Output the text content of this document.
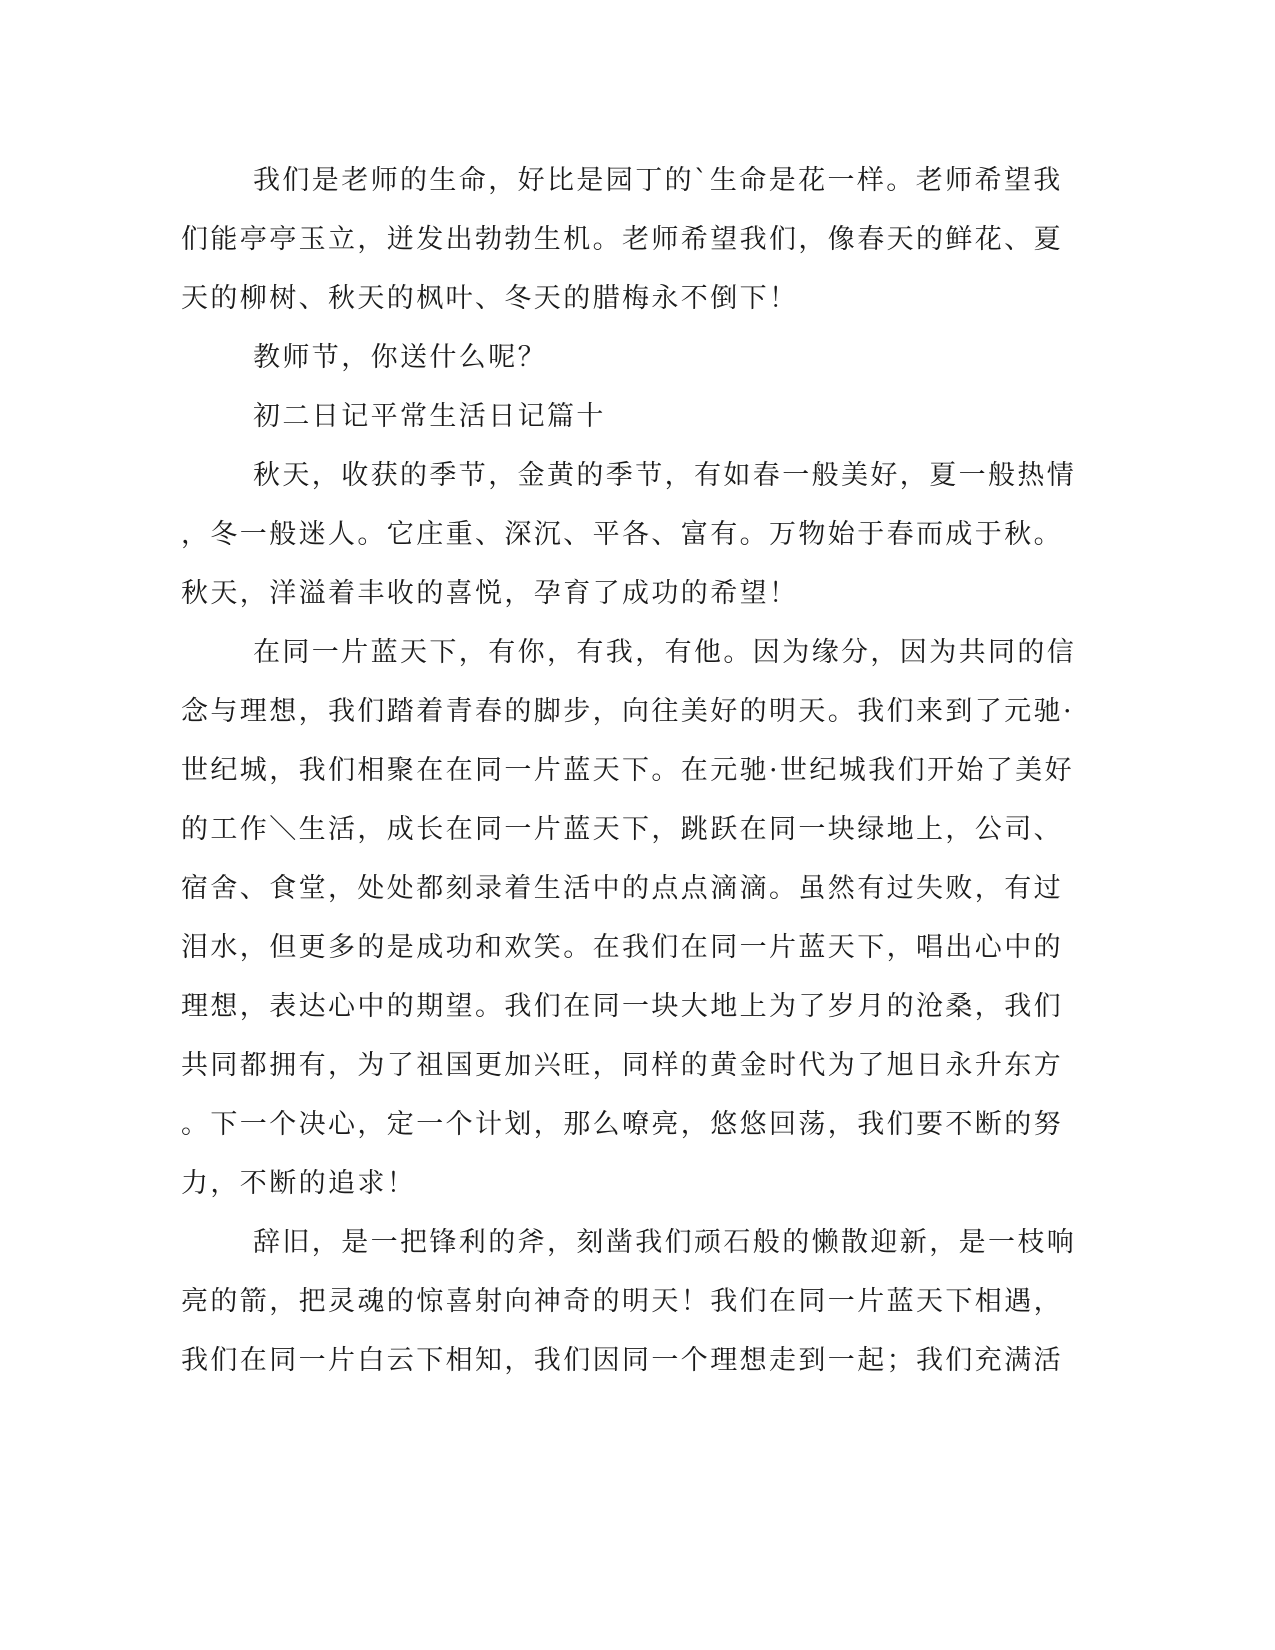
我们是老师的生命，好比是园丁的`生命是花一样。老师希望我
们能亭亭玉立，迸发出勃勃生机。老师希望我们，像春天的鲜花、夏
天的柳树、秋天的枫叶、冬天的腊梅永不倒下！
教师节，你送什么呢？
初二日记平常生活日记篇十
秋天，收获的季节，金黄的季节，有如春一般美好，夏一般热情
，冬一般迷人。它庄重、深沉、平各、富有。万物始于春而成于秋。
秋天，洋溢着丰收的喜悦，孕育了成功的希望！
在同一片蓝天下，有你，有我，有他。因为缘分，因为共同的信
念与理想，我们踏着青春的脚步，向往美好的明天。我们来到了元驰·
世纪城，我们相聚在在同一片蓝天下。在元驰·世纪城我们开始了美好
的工作＼生活，成长在同一片蓝天下，跳跃在同一块绿地上，公司、
宿舍、食堂，处处都刻录着生活中的点点滴滴。虽然有过失败，有过
泪水，但更多的是成功和欢笑。在我们在同一片蓝天下，唱出心中的
理想，表达心中的期望。我们在同一块大地上为了岁月的沧桑，我们
共同都拥有，为了祖国更加兴旺，同样的黄金时代为了旭日永升东方
。下一个决心，定一个计划，那么嘹亮，悠悠回荡，我们要不断的努
力，不断的追求！
辞旧，是一把锋利的斧，刻凿我们顽石般的懒散迎新，是一枝响
亮的箭，把灵魂的惊喜射向神奇的明天！我们在同一片蓝天下相遇，
我们在同一片白云下相知，我们因同一个理想走到一起；我们充满活
